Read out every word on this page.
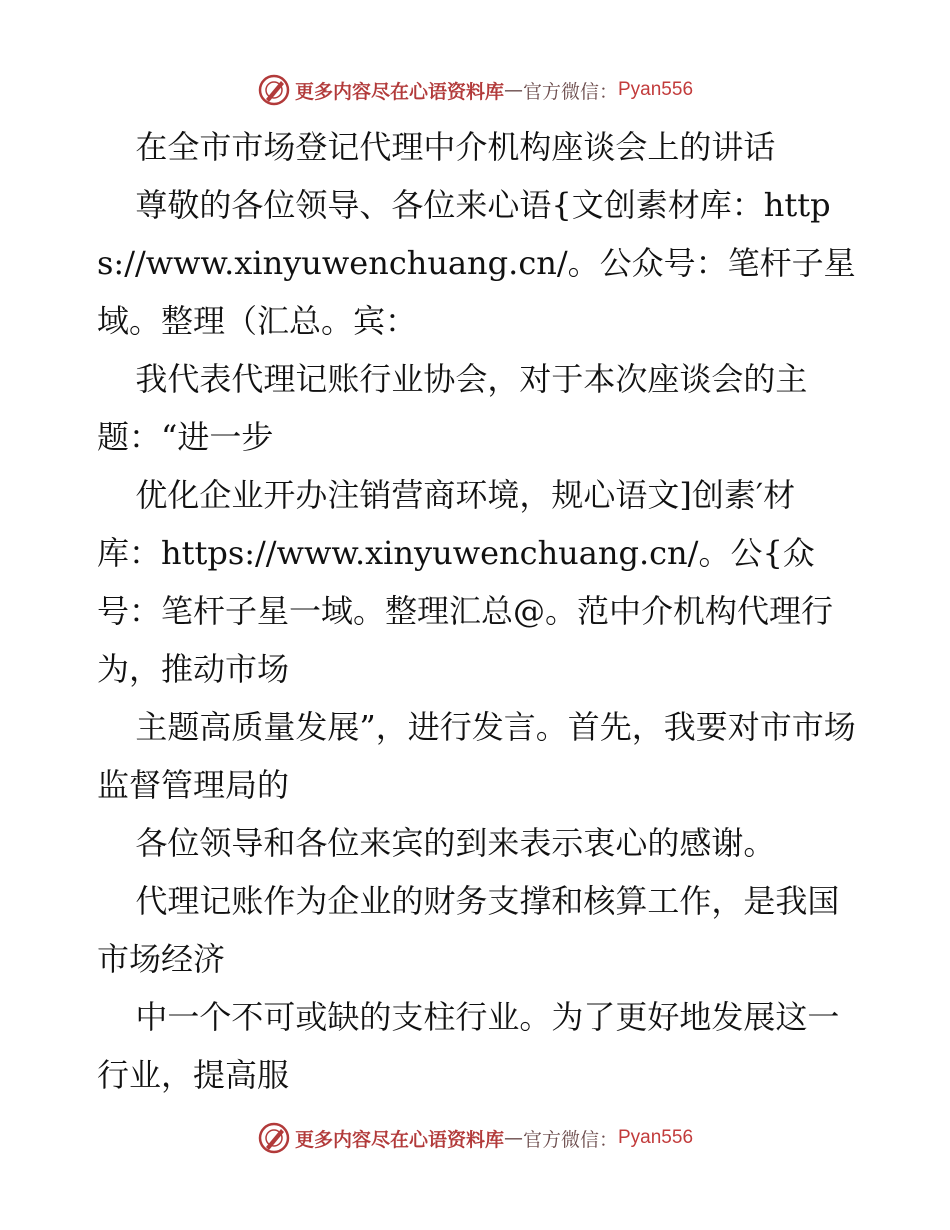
更多内容尽在心语资料库 — 官方微信： Pyan556

在全市市场登记代理中介机构座谈会上的讲话

尊敬的各位领导、各位来心语{文创素材库：https://www.xinyuwenchuang.cn/。公众号：笔杆子星域。整理（汇总。宾：

我代表代理记账行业协会，对于本次座谈会的主题：“进一步

优化企业开办注销营商环境，规心语文]创素′材库：https://www.xinyuwenchuang.cn/。公{众号：笔杆子星一域。整理汇总@。范中介机构代理行为，推动市场

主题高质量发展”，进行发言。首先，我要对市市场监督管理局的

各位领导和各位来宾的到来表示衷心的感谢。

代理记账作为企业的财务支撑和核算工作，是我国市场经济

中一个不可或缺的支柱行业。为了更好地发展这一行业，提高服

更多内容尽在心语资料库 — 官方微信： Pyan556
